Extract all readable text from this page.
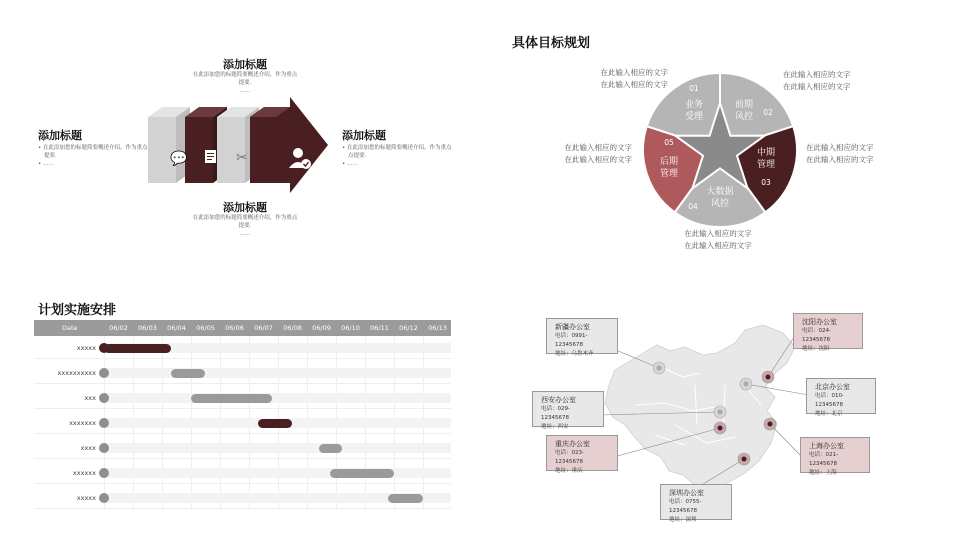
添加标题
在此添加您的标题简要概述介绍，作为重点
提要.
……
添加标题
• 在此添加您的标题简要概述介绍，作为重点
提要.
• ……
添加标题
• 在此添加您的标题简要概述介绍，作为重点
点提要.
• ……
添加标题
在此添加您的标题简要概述介绍，作为重点
提要.
……
💬	✂
具体目标规划
01
业务
受理
前期
风控	02
中期
管理
03
大数据
风控
04
05
后期
管理
在此输入相应的文字
在此输入相应的文字
在此输入相应的文字
在此输入相应的文字
在此输入相应的文字
在此输入相应的文字
在此输入相应的文字
在此输入相应的文字
在此输入相应的文字
在此输入相应的文字
计划实施安排
Date	06/02	06/03	06/04	06/05	06/06	06/07	06/08	06/09	06/10	06/11	06/12	06/13
xxxxx
xxxxxxxxxx
xxx
xxxxxxx
xxxx
xxxxxx
xxxxx
新疆办公室
电话：0991-12345678
地址：乌鲁木齐
西安办公室
电话：029-12345678
地址：西安
重庆办公室
电话：023-12345678
地址：重庆
深圳办公室
电话：0755-12345678
地址：深圳
沈阳办公室
电话：024-12345678
地址：沈阳
北京办公室
电话：010-12345678
地址：北京
上海办公室
电话：021-12345678
地址：上海
